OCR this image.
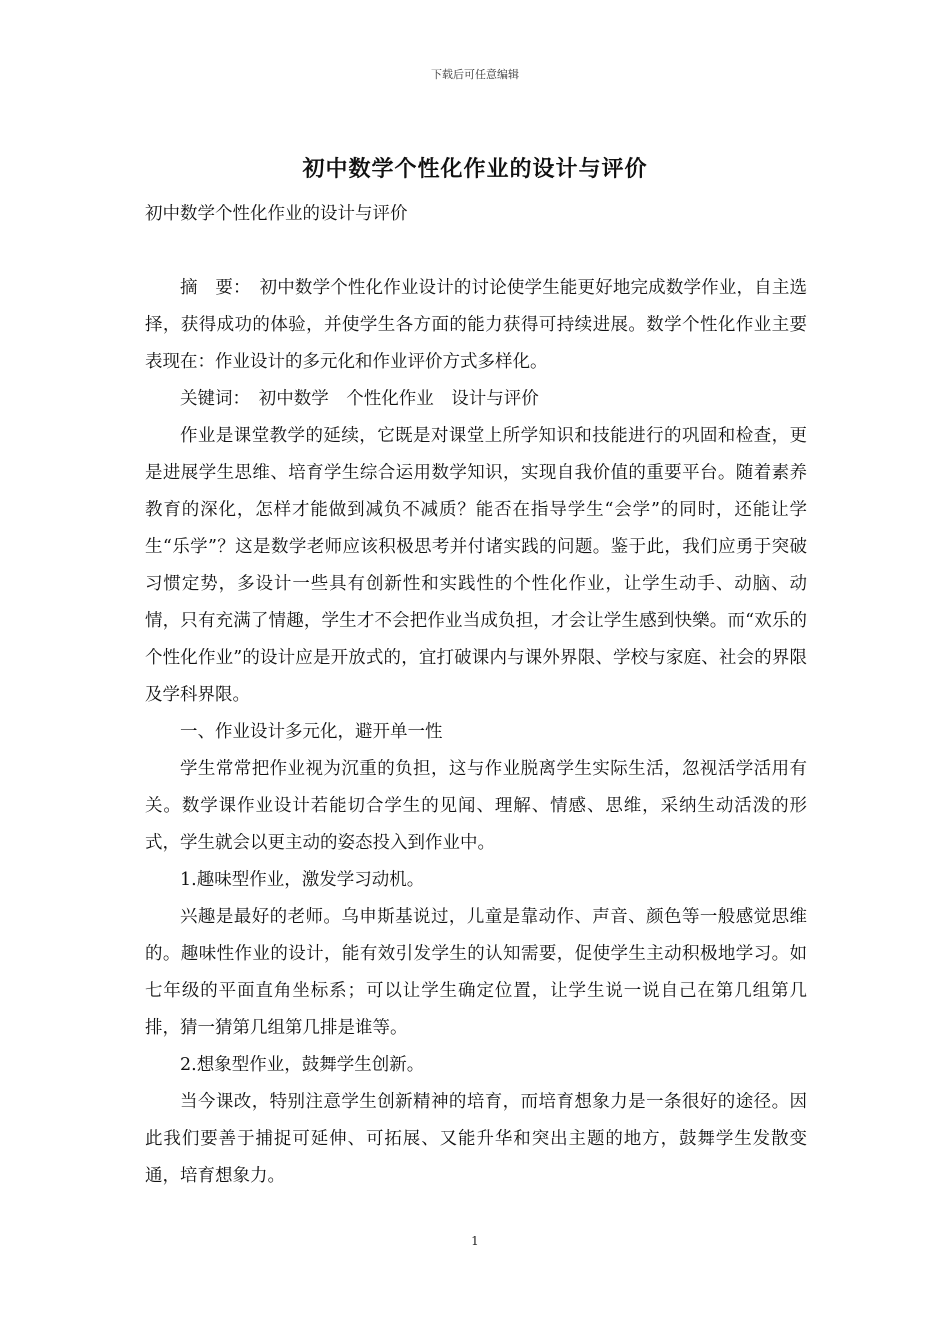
下载后可任意编辑
初中数学个性化作业的设计与评价

初中数学个性化作业的设计与评价

摘　要：　初中数学个性化作业设计的讨论使学生能更好地完成数学作业，自主选择，获得成功的体验，并使学生各方面的能力获得可持续进展。数学个性化作业主要表现在：作业设计的多元化和作业评价方式多样化。

关键词：　初中数学　个性化作业　设计与评价

作业是课堂教学的延续，它既是对课堂上所学知识和技能进行的巩固和检查，更是进展学生思维、培育学生综合运用数学知识，实现自我价值的重要平台。随着素养教育的深化，怎样才能做到减负不减质？能否在指导学生“会学”的同时，还能让学生“乐学”？这是数学老师应该积极思考并付诸实践的问题。鉴于此，我们应勇于突破习惯定势，多设计一些具有创新性和实践性的个性化作业，让学生动手、动脑、动情，只有充满了情趣，学生才不会把作业当成负担，才会让学生感到快樂。而“欢乐的个性化作业”的设计应是开放式的，宜打破课内与课外界限、学校与家庭、社会的界限及学科界限。

一、作业设计多元化，避开单一性

学生常常把作业视为沉重的负担，这与作业脱离学生实际生活，忽视活学活用有关。数学课作业设计若能切合学生的见闻、理解、情感、思维，采纳生动活泼的形式，学生就会以更主动的姿态投入到作业中。

1.趣味型作业，激发学习动机。

兴趣是最好的老师。乌申斯基说过，儿童是靠动作、声音、颜色等一般感觉思维的。趣味性作业的设计，能有效引发学生的认知需要，促使学生主动积极地学习。如七年级的平面直角坐标系；可以让学生确定位置，让学生说一说自己在第几组第几排，猜一猜第几组第几排是谁等。

2.想象型作业，鼓舞学生创新。

当今课改，特别注意学生创新精神的培育，而培育想象力是一条很好的途径。因此我们要善于捕捉可延伸、可拓展、又能升华和突出主题的地方，鼓舞学生发散变通，培育想象力。

1
